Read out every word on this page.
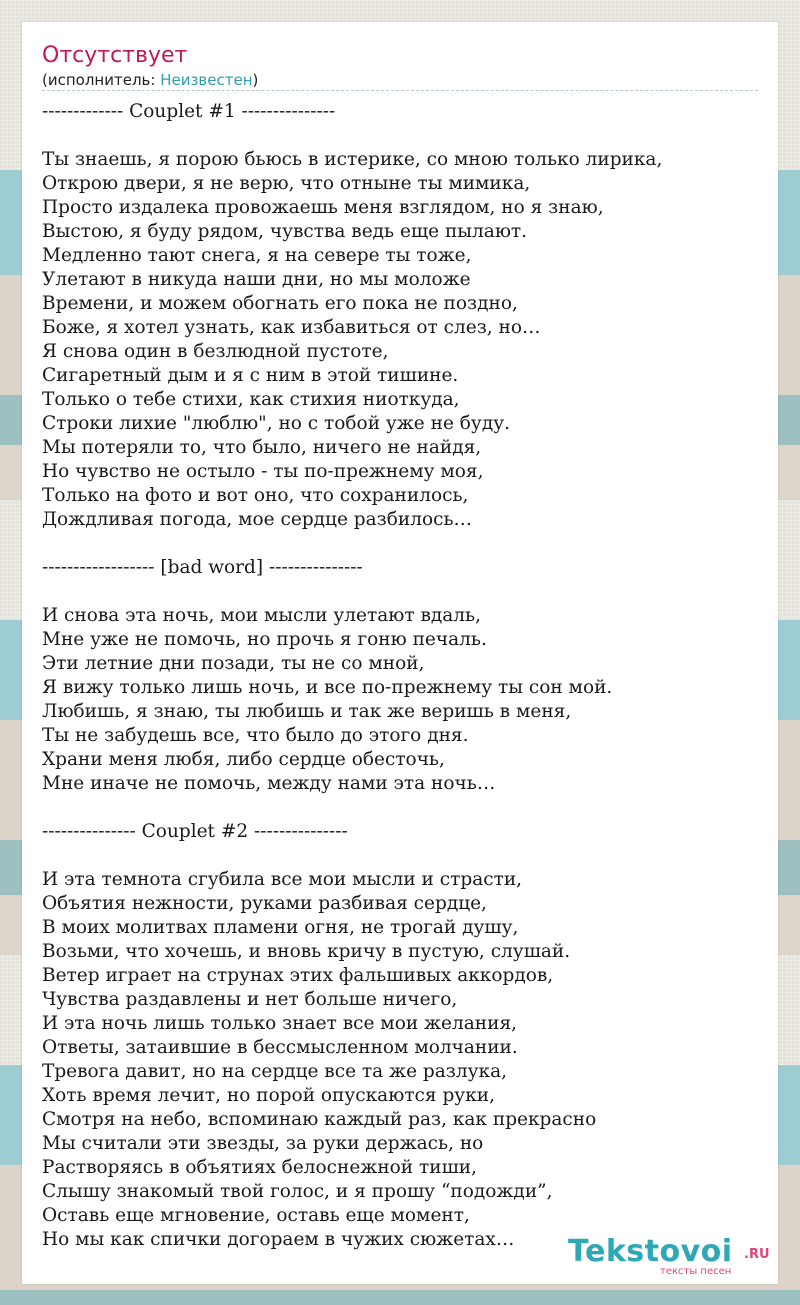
Отсутствует
(исполнитель: Неизвестен)
------------- Couplet #1 ---------------
Ты знаешь, я порою бьюсь в истерике, со мною только лирика,
Открою двери, я не верю, что отныне ты мимика,
Просто издалека провожаешь меня взглядом, но я знаю,
Выстою, я буду рядом, чувства ведь еще пылают.
Медленно тают снега, я на севере ты тоже,
Улетают в никуда наши дни, но мы моложе
Времени, и можем обогнать его пока не поздно,
Боже, я хотел узнать, как избавиться от слез, но…
Я снова один в безлюдной пустоте,
Сигаретный дым и я с ним в этой тишине.
Только о тебе стихи, как стихия ниоткуда,
Строки лихие "люблю", но с тобой уже не буду.
Мы потеряли то, что было, ничего не найдя,
Но чувство не остыло - ты по-прежнему моя,
Только на фото и вот оно, что сохранилось,
Дождливая погода, мое сердце разбилось…
------------------ [bad word] ---------------
И снова эта ночь, мои мысли улетают вдаль,
Мне уже не помочь, но прочь я гоню печаль.
Эти летние дни позади, ты не со мной,
Я вижу только лишь ночь, и все по-прежнему ты сон мой.
Любишь, я знаю, ты любишь и так же веришь в меня,
Ты не забудешь все, что было до этого дня.
Храни меня любя, либо сердце обесточь,
Мне иначе не помочь, между нами эта ночь…
--------------- Couplet #2 ---------------
И эта темнота сгубила все мои мысли и страсти,
Объятия нежности, руками разбивая сердце,
В моих молитвах пламени огня, не трогай душу,
Возьми, что хочешь, и вновь кричу в пустую, слушай.
Ветер играет на струнах этих фальшивых аккордов,
Чувства раздавлены и нет больше ничего,
И эта ночь лишь только знает все мои желания,
Ответы, затаившие в бессмысленном молчании.
Тревога давит, но на сердце все та же разлука,
Хоть время лечит, но порой опускаются руки,
Смотря на небо, вспоминаю каждый раз, как прекрасно
Мы считали эти звезды, за руки держась, но
Растворяясь в объятиях белоснежной тиши,
Слышу знакомый твой голос, и я прошу “подожди”,
Оставь еще мгновение, оставь еще момент,
Но мы как спички догораем в чужих сюжетах…	Tekstovoi .RU
тексты песен
